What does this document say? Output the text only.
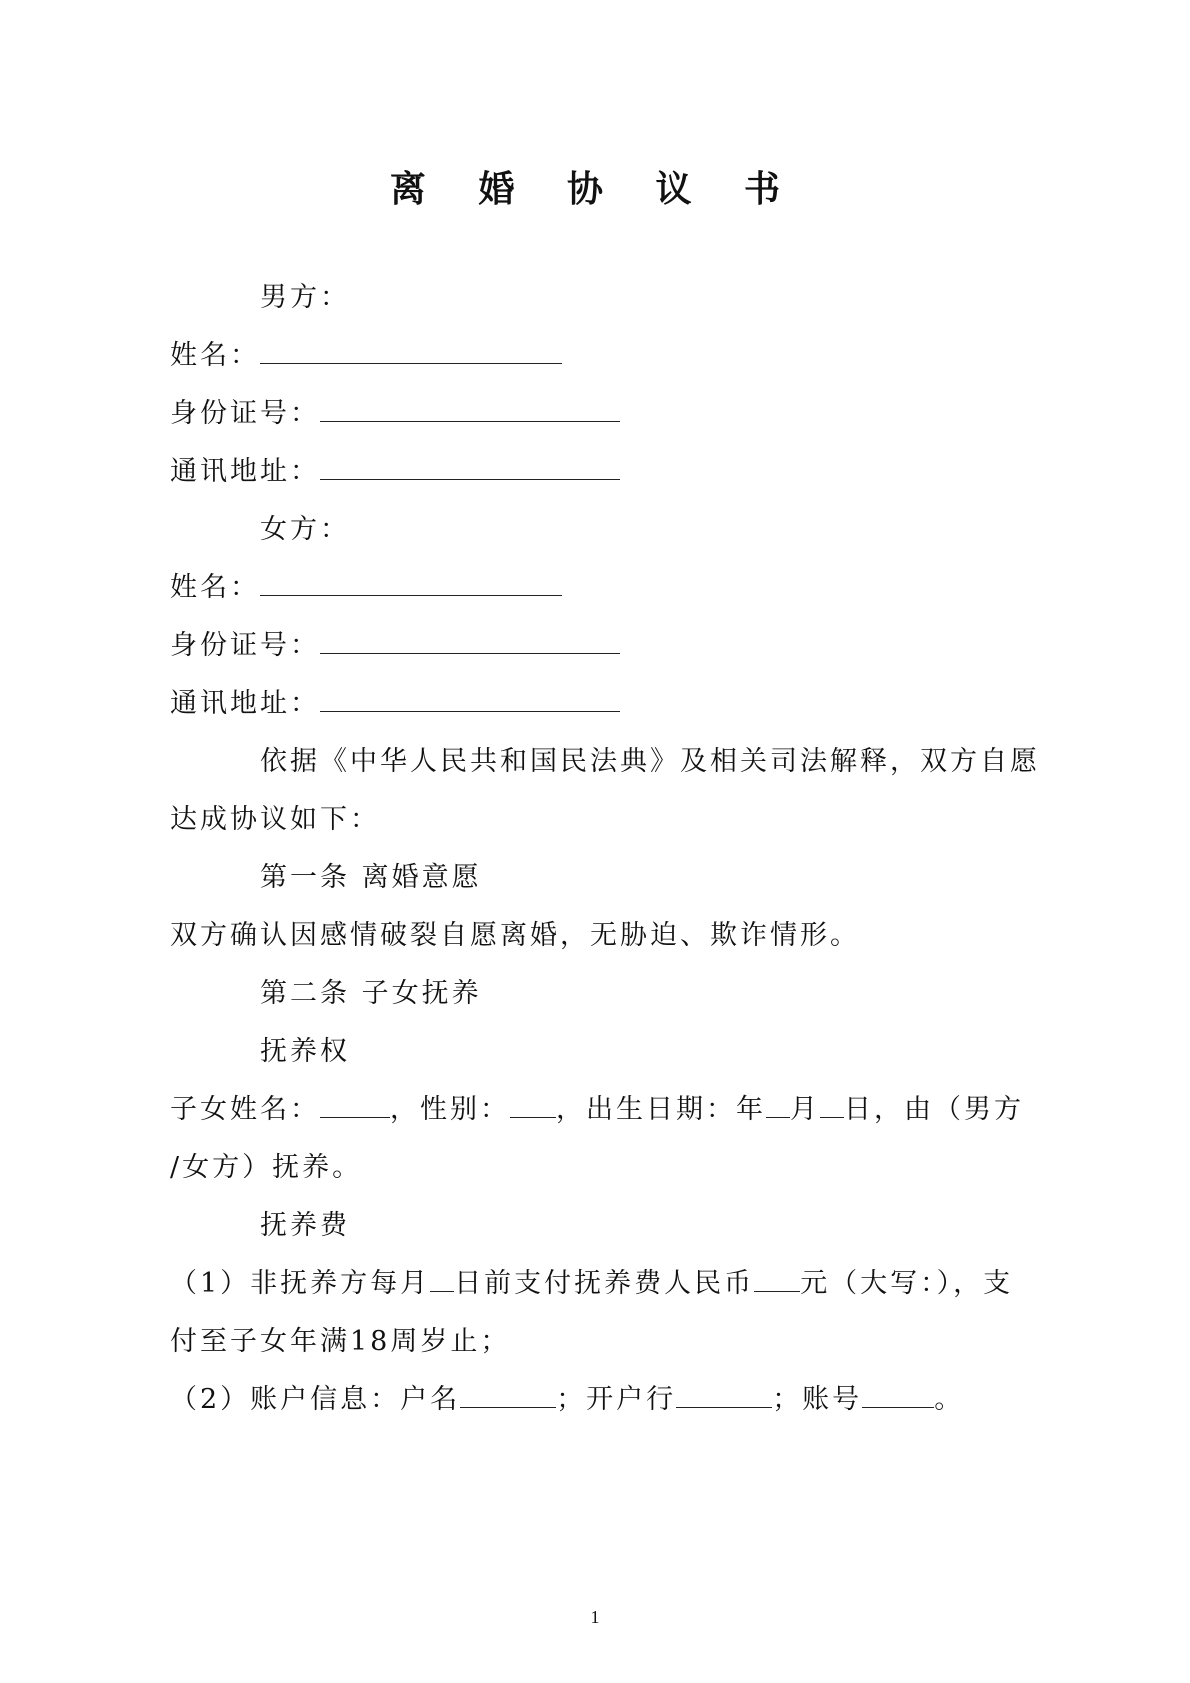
离 婚 协 议 书
男方：
姓名：
身份证号：
通讯地址：
女方：
姓名：
身份证号：
通讯地址：
依据《中华人民共和国民法典》及相关司法解释，双方自愿
达成协议如下：
第一条 离婚意愿
双方确认因感情破裂自愿离婚，无胁迫、欺诈情形。
第二条 子女抚养
抚养权
子女姓名：	，性别： ，出生日期：年 月 日，由（男方
/女方）抚养。
抚养费
（1）非抚养方每月 日前支付抚养费人民币 元（大写：），支
付至子女年满18周岁止；
（2）账户信息：户名	；开户行	；账号	。
1
